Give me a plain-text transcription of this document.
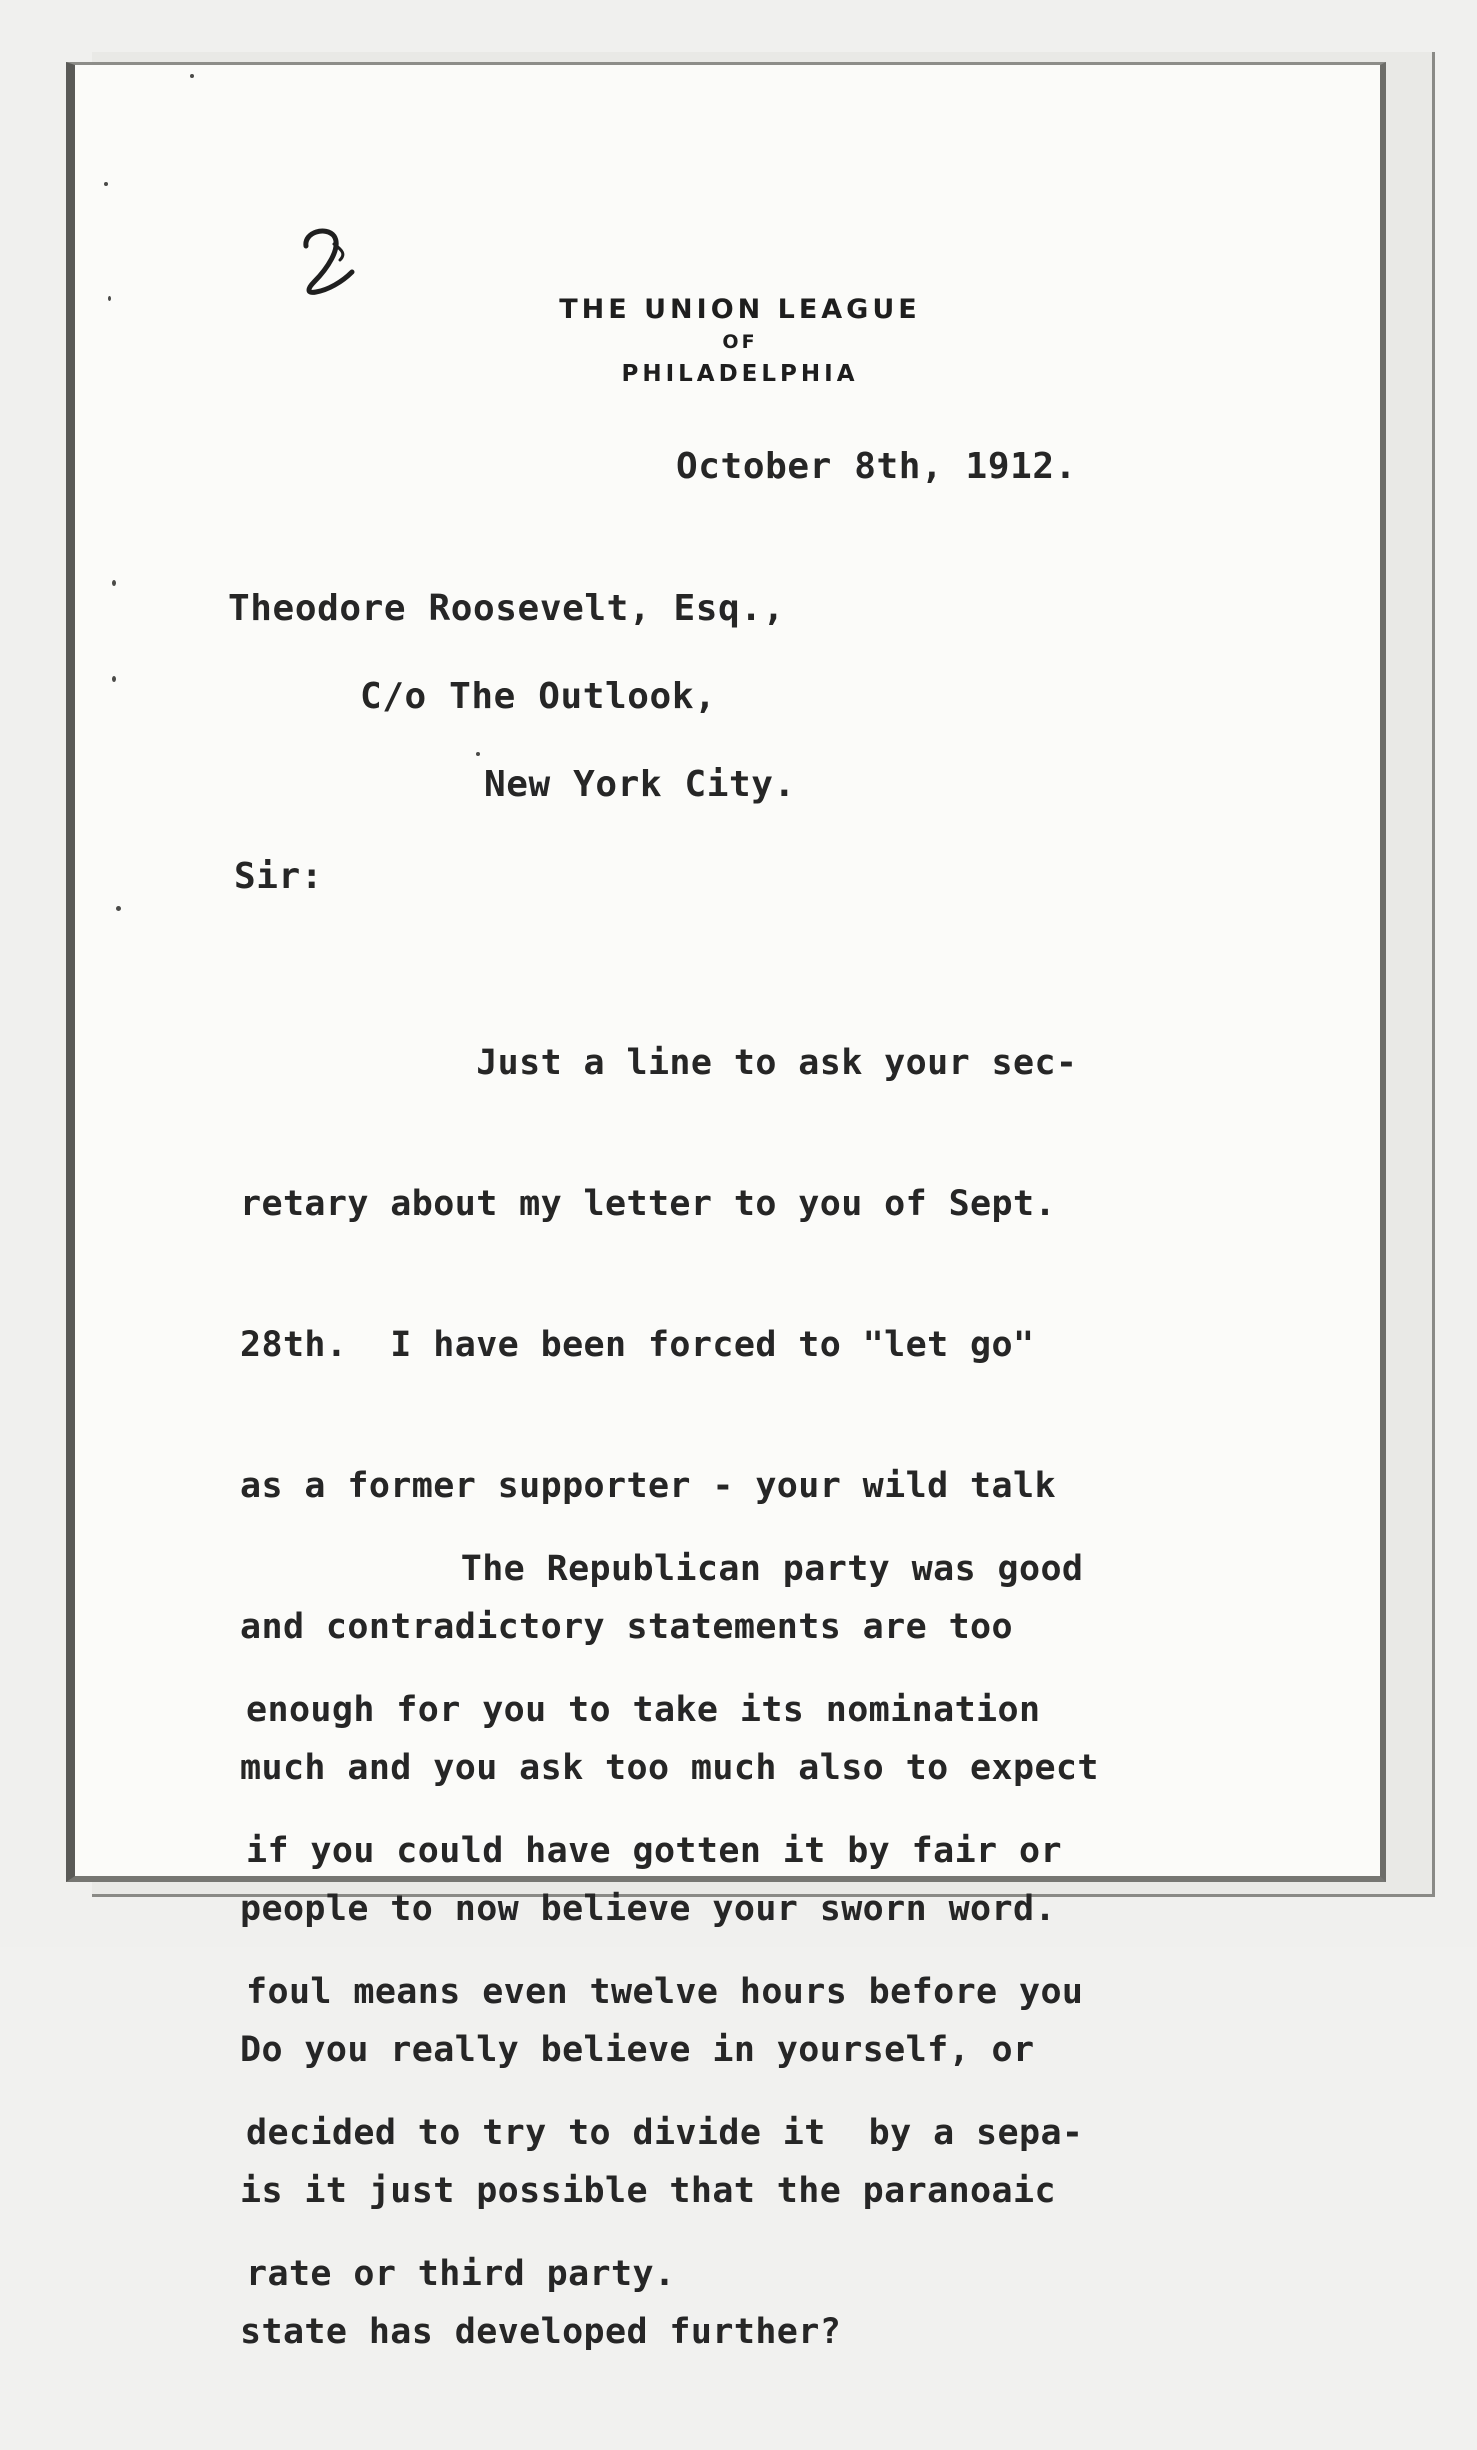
THE UNION LEAGUE
OF
PHILADELPHIA
October 8th, 1912.
Theodore Roosevelt, Esq.,
C/o The Outlook,
New York City.
Sir:

Just a line to ask your sec-

retary about my letter to you of Sept.

28th.  I have been forced to "let go"

as a former supporter - your wild talk

and contradictory statements are too

much and you ask too much also to expect

people to now believe your sworn word.

Do you really believe in yourself, or

is it just possible that the paranoaic

state has developed further?

The Republican party was good

enough for you to take its nomination

if you could have gotten it by fair or

foul means even twelve hours before you

decided to try to divide it  by a sepa-

rate or third party.
